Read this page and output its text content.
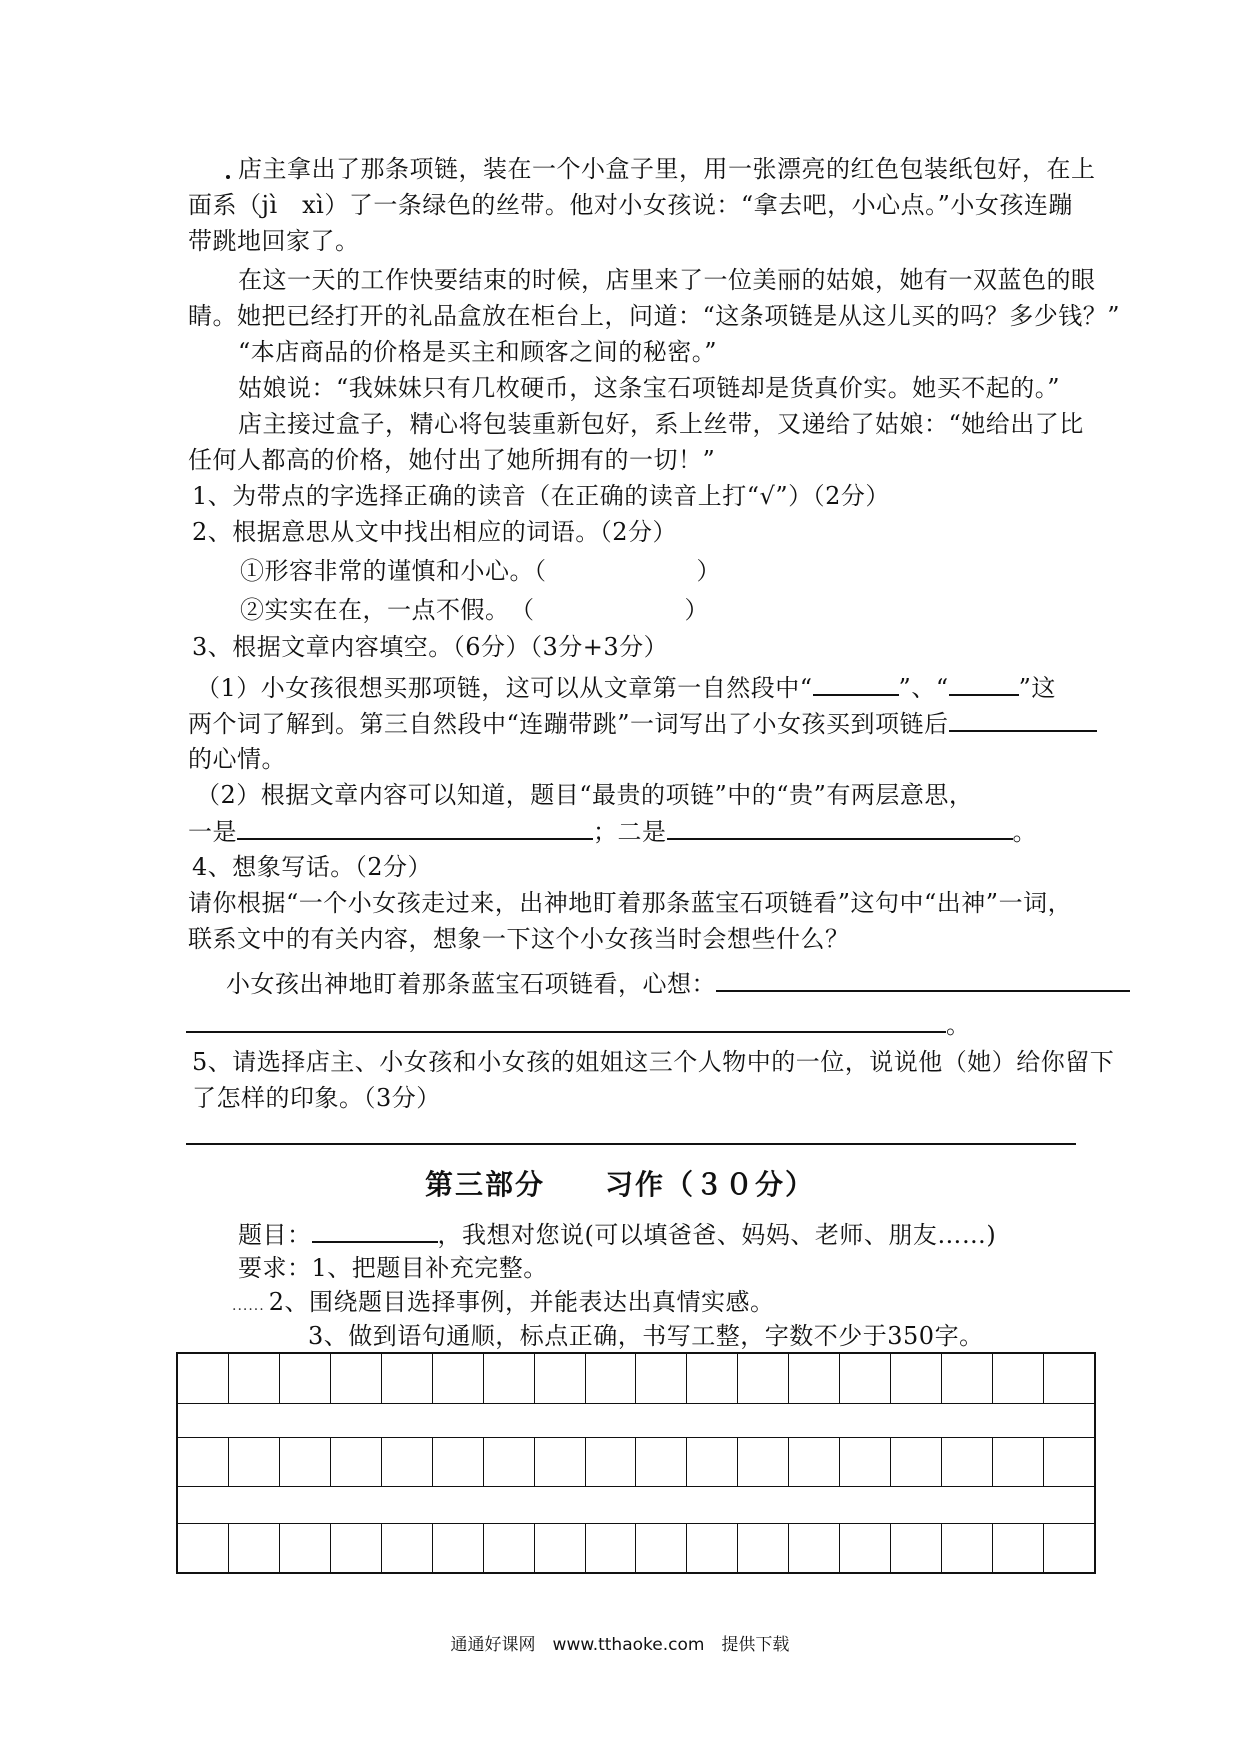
店主拿出了那条项链，装在一个小盒子里，用一张漂亮的红色包装纸包好，在上
面系（jì　xì）了一条绿色的丝带。他对小女孩说：“拿去吧，小心点。”小女孩连蹦
带跳地回家了。
在这一天的工作快要结束的时候，店里来了一位美丽的姑娘，她有一双蓝色的眼
睛。她把已经打开的礼品盒放在柜台上，问道：“这条项链是从这儿买的吗？多少钱？”
“本店商品的价格是买主和顾客之间的秘密。”
姑娘说：“我妹妹只有几枚硬币，这条宝石项链却是货真价实。她买不起的。”
店主接过盒子，精心将包装重新包好，系上丝带，又递给了姑娘：“她给出了比
任何人都高的价格，她付出了她所拥有的一切！”
1、为带点的字选择正确的读音（在正确的读音上打“√”）（2分）
2、根据意思从文中找出相应的词语。（2分）
①形容非常的谨慎和小心。（	）
②实实在在，一点不假。　（	）
3、根据文章内容填空。（6分）（3分+3分）
（1）小女孩很想买那项链，这可以从文章第一自然段中“	”、“	”这
两个词了解到。第三自然段中“连蹦带跳”一词写出了小女孩买到项链后
的心情。
（2）根据文章内容可以知道，题目“最贵的项链”中的“贵”有两层意思，
一是	；二是	。
4、想象写话。（2分）
请你根据“一个小女孩走过来，出神地盯着那条蓝宝石项链看”这句中“出神”一词，
联系文中的有关内容，想象一下这个小女孩当时会想些什么？
小女孩出神地盯着那条蓝宝石项链看，心想：
。
5、请选择店主、小女孩和小女孩的姐姐这三个人物中的一位，说说他（她）给你留下
了怎样的印象。（3分）
第三部分　　习作（３０分）
题目：	，我想对您说(可以填爸爸、妈妈、老师、朋友……)
要求：1、把题目补充完整。
...... 2、围绕题目选择事例，并能表达出真情实感。
3、做到语句通顺，标点正确，书写工整，字数不少于350字。
通通好课网　www.tthaoke.com　提供下载
